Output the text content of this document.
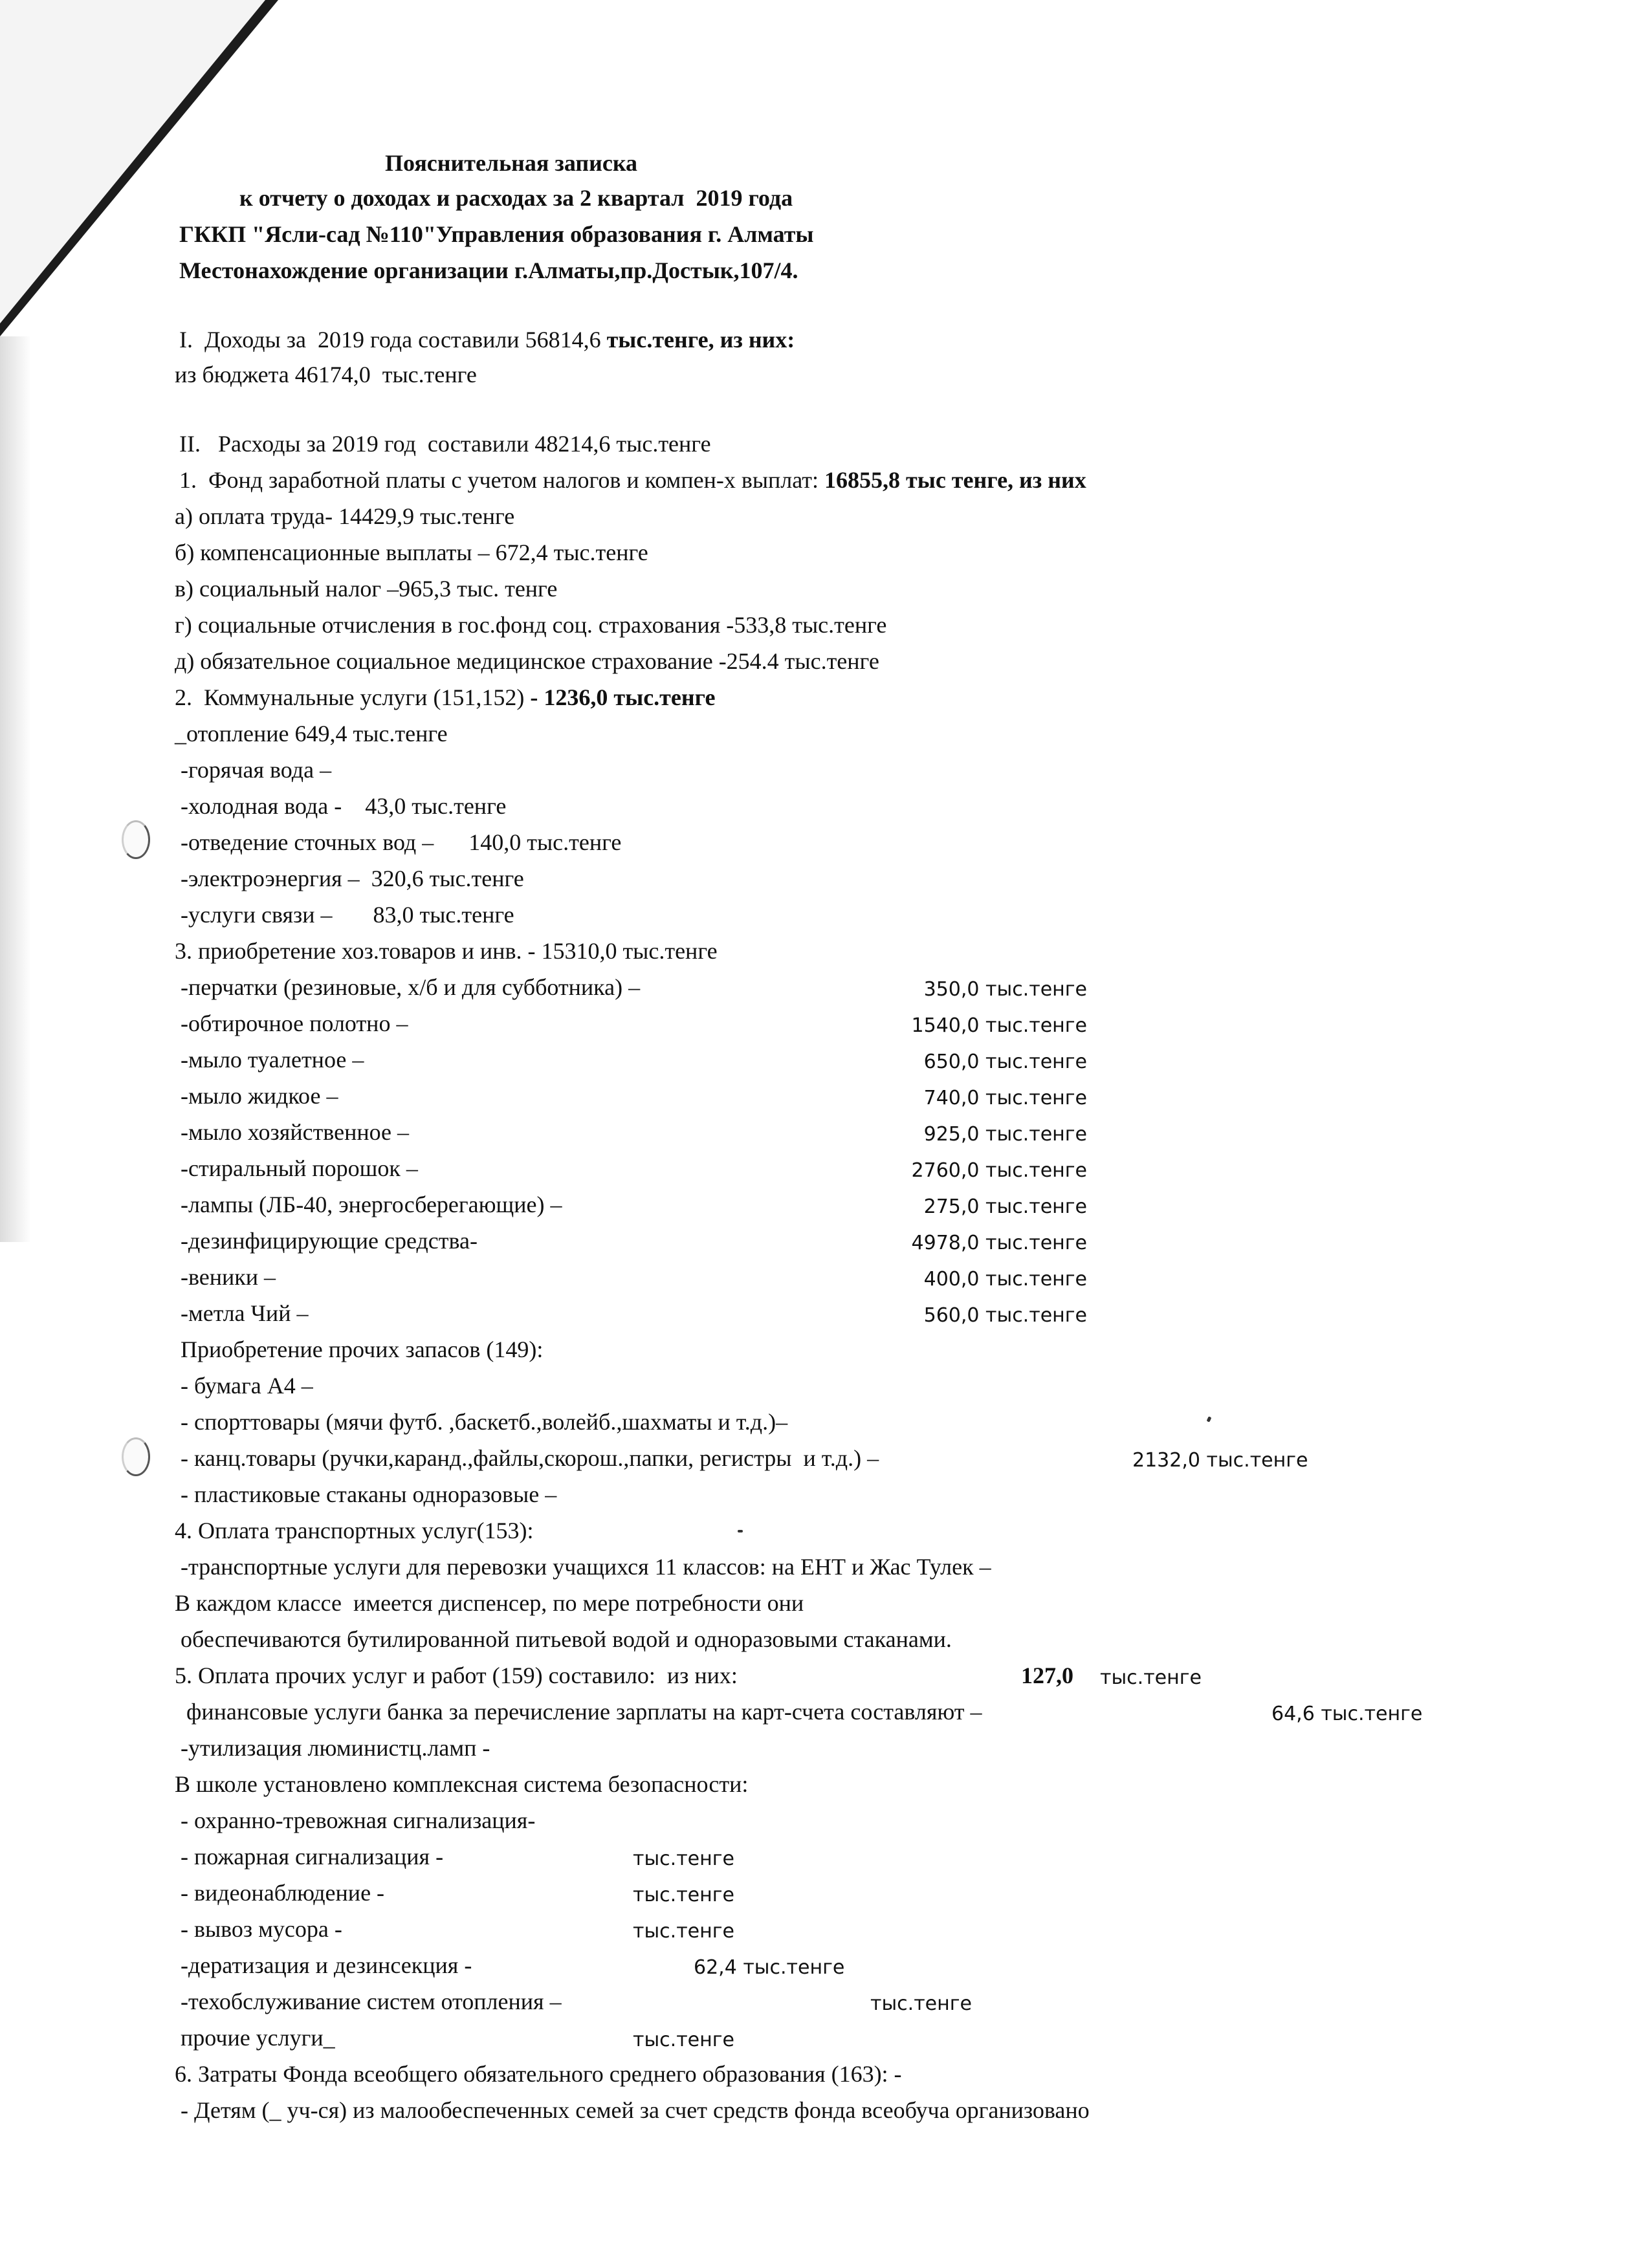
Пояснительная записка
к отчету о доходах и расходах за 2 квартал  2019 года
ГККП "Ясли-сад №110"Управления образования г. Алматы
Местонахождение организации г.Алматы,пр.Достык,107/4.
I.  Доходы за  2019 года составили 56814,6 тыс.тенге, из них:
из бюджета 46174,0  тыс.тенге
II.   Расходы за 2019 год  составили 48214,6 тыс.тенге
1.  Фонд заработной платы с учетом налогов и компен-х выплат: 16855,8 тыс тенге, из них
а) оплата труда- 14429,9 тыс.тенге
б) компенсационные выплаты – 672,4 тыс.тенге
в) социальный налог –965,3 тыс. тенге
г) социальные отчисления в гос.фонд соц. страхования -533,8 тыс.тенге
д) обязательное социальное медицинское страхование -254.4 тыс.тенге
2.  Коммунальные услуги (151,152) - 1236,0 тыс.тенге
_отопление 649,4 тыс.тенге
-горячая вода –
-холодная вода -    43,0 тыс.тенге
-отведение сточных вод –      140,0 тыс.тенге
-электроэнергия –  320,6 тыс.тенге
-услуги связи –       83,0 тыс.тенге
3. приобретение хоз.товаров и инв. - 15310,0 тыс.тенге
-перчатки (резиновые, х/б и для субботника) –	350,0 тыс.тенге
-обтирочное полотно –	1540,0 тыс.тенге
-мыло туалетное –	650,0 тыс.тенге
-мыло жидкое –	740,0 тыс.тенге
-мыло хозяйственное –	925,0 тыс.тенге
-стиральный порошок –	2760,0 тыс.тенге
-лампы (ЛБ-40, энергосберегающие) –	275,0 тыс.тенге
-дезинфицирующие средства-	4978,0 тыс.тенге
-веники –	400,0 тыс.тенге
-метла Чий –	560,0 тыс.тенге
Приобретение прочих запасов (149):
- бумага А4 –
- спорттовары (мячи футб. ,баскетб.,волейб.,шахматы и т.д.)–
- канц.товары (ручки,каранд.,файлы,скорош.,папки, регистры  и т.д.) –	2132,0 тыс.тенге
- пластиковые стаканы одноразовые –
4. Оплата транспортных услуг(153):
-транспортные услуги для перевозки учащихся 11 классов: на ЕНТ и Жас Тулек –
В каждом классе  имеется диспенсер, по мере потребности они
обеспечиваются бутилированной питьевой водой и одноразовыми стаканами.
5. Оплата прочих услуг и работ (159) составило:  из них:	127,0 тыс.тенге
финансовые услуги банка за перечисление зарплаты на карт-счета составляют –	64,6 тыс.тенге
-утилизация люминистц.ламп -
В школе установлено комплексная система безопасности:
- охранно-тревожная сигнализация-
- пожарная сигнализация -	тыс.тенге
- видеонаблюдение -	тыс.тенге
- вывоз мусора -	тыс.тенге
-дератизация и дезинсекция -	62,4 тыс.тенге
-техобслуживание систем отопления –	тыс.тенге
прочие услуги_	тыс.тенге
6. Затраты Фонда всеобщего обязательного среднего образования (163): -
- Детям (_ уч-ся) из малообеспеченных семей за счет средств фонда всеобуча организовано
